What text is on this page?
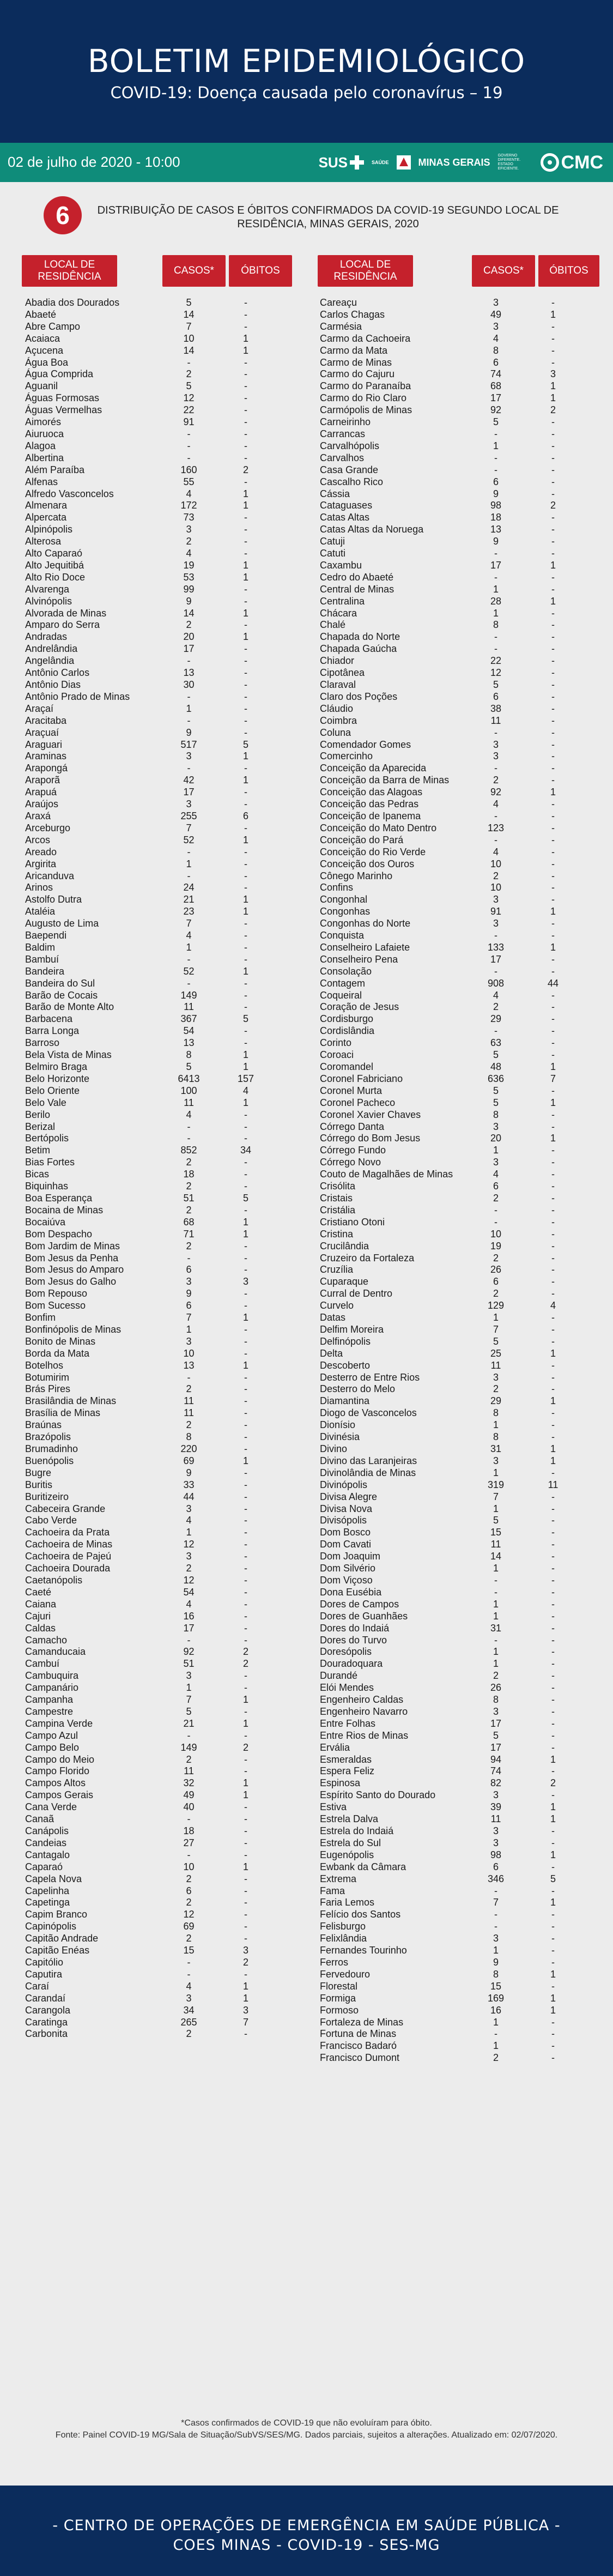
BOLETIM EPIDEMIOLÓGICO
COVID-19: Doença causada pelo coronavírus – 19
02 de julho de 2020 - 10:00	SUS	SAÚDE	MINAS GERAIS
GOVERNO DIFERENTE. ESTADO EFICIENTE.	CMC
6	DISTRIBUIÇÃO DE CASOS E ÓBITOS CONFIRMADOS DA COVID-19 SEGUNDO LOCAL DE RESIDÊNCIA, MINAS GERAIS, 2020
LOCAL DE RESIDÊNCIA
CASOS*	ÓBITOS
LOCAL DE RESIDÊNCIA
CASOS*	ÓBITOS
Abadia dos Dourados	5	-
Abaeté	14	-
Abre Campo	7	-
Acaiaca	10	1
Açucena	14	1
Água Boa	-	-
Água Comprida	2	-
Aguanil	5	-
Águas Formosas	12	-
Águas Vermelhas	22	-
Aimorés	91	-
Aiuruoca	-	-
Alagoa	-	-
Albertina	-	-
Além Paraíba	160	2
Alfenas	55	-
Alfredo Vasconcelos	4	1
Almenara	172	1
Alpercata	73	-
Alpinópolis	3	-
Alterosa	2	-
Alto Caparaó	4	-
Alto Jequitibá	19	1
Alto Rio Doce	53	1
Alvarenga	99	-
Alvinópolis	9	-
Alvorada de Minas	14	1
Amparo do Serra	2	-
Andradas	20	1
Andrelândia	17	-
Angelândia	-	-
Antônio Carlos	13	-
Antônio Dias	30	-
Antônio Prado de Minas	-	-
Araçaí	1	-
Aracitaba	-	-
Araçuaí	9	-
Araguari	517	5
Araminas	3	1
Arapongá	-	-
Araporã	42	1
Arapuá	17	-
Araújos	3	-
Araxá	255	6
Arceburgo	7	-
Arcos	52	1
Areado	-	-
Argirita	1	-
Aricanduva	-	-
Arinos	24	-
Astolfo Dutra	21	1
Ataléia	23	1
Augusto de Lima	7	-
Baependi	4	-
Baldim	1	-
Bambuí	-	-
Bandeira	52	1
Bandeira do Sul	-	-
Barão de Cocais	149	-
Barão de Monte Alto	11	-
Barbacena	367	5
Barra Longa	54	-
Barroso	13	-
Bela Vista de Minas	8	1
Belmiro Braga	5	1
Belo Horizonte	6413	157
Belo Oriente	100	4
Belo Vale	11	1
Berilo	4	-
Berizal	-	-
Bertópolis	-	-
Betim	852	34
Bias Fortes	2	-
Bicas	18	-
Biquinhas	2	-
Boa Esperança	51	5
Bocaina de Minas	2	-
Bocaiúva	68	1
Bom Despacho	71	1
Bom Jardim de Minas	2	-
Bom Jesus da Penha	-	-
Bom Jesus do Amparo	6	-
Bom Jesus do Galho	3	3
Bom Repouso	9	-
Bom Sucesso	6	-
Bonfim	7	1
Bonfinópolis de Minas	1	-
Bonito de Minas	3	-
Borda da Mata	10	-
Botelhos	13	1
Botumirim	-	-
Brás Pires	2	-
Brasilândia de Minas	11	-
Brasília de Minas	11	-
Braúnas	2	-
Brazópolis	8	-
Brumadinho	220	-
Buenópolis	69	1
Bugre	9	-
Buritis	33	-
Buritizeiro	44	-
Cabeceira Grande	3	-
Cabo Verde	4	-
Cachoeira da Prata	1	-
Cachoeira de Minas	12	-
Cachoeira de Pajeú	3	-
Cachoeira Dourada	2	-
Caetanópolis	12	-
Caeté	54	-
Caiana	4	-
Cajuri	16	-
Caldas	17	-
Camacho	-	-
Camanducaia	92	2
Cambuí	51	2
Cambuquira	3	-
Campanário	1	-
Campanha	7	1
Campestre	5	-
Campina Verde	21	1
Campo Azul	-	-
Campo Belo	149	2
Campo do Meio	2	-
Campo Florido	11	-
Campos Altos	32	1
Campos Gerais	49	1
Cana Verde	40	-
Canaã	-	-
Canápolis	18	-
Candeias	27	-
Cantagalo	-	-
Caparaó	10	1
Capela Nova	2	-
Capelinha	6	-
Capetinga	2	-
Capim Branco	12	-
Capinópolis	69	-
Capitão Andrade	2	-
Capitão Enéas	15	3
Capitólio	-	2
Caputira	-	-
Caraí	4	1
Carandaí	3	1
Carangola	34	3
Caratinga	265	7
Carbonita	2	-
Careaçu	3	-
Carlos Chagas	49	1
Carmésia	3	-
Carmo da Cachoeira	4	-
Carmo da Mata	8	-
Carmo de Minas	6	-
Carmo do Cajuru	74	3
Carmo do Paranaíba	68	1
Carmo do Rio Claro	17	1
Carmópolis de Minas	92	2
Carneirinho	5	-
Carrancas	-	-
Carvalhópolis	1	-
Carvalhos	-	-
Casa Grande	-	-
Cascalho Rico	6	-
Cássia	9	-
Cataguases	98	2
Catas Altas	18	-
Catas Altas da Noruega	13	-
Catuji	9	-
Catuti	-	-
Caxambu	17	1
Cedro do Abaeté	-	-
Central de Minas	1	-
Centralina	28	1
Chácara	1	-
Chalé	8	-
Chapada do Norte	-	-
Chapada Gaúcha	-	-
Chiador	22	-
Cipotânea	12	-
Claraval	5	-
Claro dos Poções	6	-
Cláudio	38	-
Coimbra	11	-
Coluna	-	-
Comendador Gomes	3	-
Comercinho	3	-
Conceição da Aparecida	-	-
Conceição da Barra de Minas	2	-
Conceição das Alagoas	92	1
Conceição das Pedras	4	-
Conceição de Ipanema	-	-
Conceição do Mato Dentro	123	-
Conceição do Pará	-	-
Conceição do Rio Verde	4	-
Conceição dos Ouros	10	-
Cônego Marinho	2	-
Confins	10	-
Congonhal	3	-
Congonhas	91	1
Congonhas do Norte	3	-
Conquista	-	-
Conselheiro Lafaiete	133	1
Conselheiro Pena	17	-
Consolação	-	-
Contagem	908	44
Coqueiral	4	-
Coração de Jesus	2	-
Cordisburgo	29	-
Cordislândia	-	-
Corinto	63	-
Coroaci	5	-
Coromandel	48	1
Coronel Fabriciano	636	7
Coronel Murta	5	-
Coronel Pacheco	5	1
Coronel Xavier Chaves	8	-
Córrego Danta	3	-
Córrego do Bom Jesus	20	1
Córrego Fundo	1	-
Córrego Novo	3	-
Couto de Magalhães de Minas	4	-
Crisólita	6	-
Cristais	2	-
Cristália	-	-
Cristiano Otoni	-	-
Cristina	10	-
Crucilândia	19	-
Cruzeiro da Fortaleza	2	-
Cruzília	26	-
Cuparaque	6	-
Curral de Dentro	2	-
Curvelo	129	4
Datas	1	-
Delfim Moreira	7	-
Delfinópolis	5	-
Delta	25	1
Descoberto	11	-
Desterro de Entre Rios	3	-
Desterro do Melo	2	-
Diamantina	29	1
Diogo de Vasconcelos	8	-
Dionísio	1	-
Divinésia	8	-
Divino	31	1
Divino das Laranjeiras	3	1
Divinolândia de Minas	1	-
Divinópolis	319	11
Divisa Alegre	7	-
Divisa Nova	1	-
Divisópolis	5	-
Dom Bosco	15	-
Dom Cavati	11	-
Dom Joaquim	14	-
Dom Silvério	1	-
Dom Viçoso	-	-
Dona Eusébia	-	-
Dores de Campos	1	-
Dores de Guanhães	1	-
Dores do Indaiá	31	-
Dores do Turvo	-	-
Doresópolis	1	-
Douradoquara	1	-
Durandé	2	-
Elói Mendes	26	-
Engenheiro Caldas	8	-
Engenheiro Navarro	3	-
Entre Folhas	17	-
Entre Rios de Minas	5	-
Ervália	17	-
Esmeraldas	94	1
Espera Feliz	74	-
Espinosa	82	2
Espírito Santo do Dourado	3	-
Estiva	39	1
Estrela Dalva	11	1
Estrela do Indaiá	3	-
Estrela do Sul	3	-
Eugenópolis	98	1
Ewbank da Câmara	6	-
Extrema	346	5
Fama	-	-
Faria Lemos	7	1
Felício dos Santos	-	-
Felisburgo	-	-
Felixlândia	3	-
Fernandes Tourinho	1	-
Ferros	9	-
Fervedouro	8	1
Florestal	15	-
Formiga	169	1
Formoso	16	1
Fortaleza de Minas	1	-
Fortuna de Minas	-	-
Francisco Badaró	1	-
Francisco Dumont	2	-
*Casos confirmados de COVID-19 que não evoluíram para óbito.
Fonte: Painel COVID-19 MG/Sala de Situação/SubVS/SES/MG. Dados parciais, sujeitos a alterações. Atualizado em: 02/07/2020.
- CENTRO DE OPERAÇÕES DE EMERGÊNCIA EM SAÚDE PÚBLICA -
COES MINAS - COVID-19 - SES-MG
